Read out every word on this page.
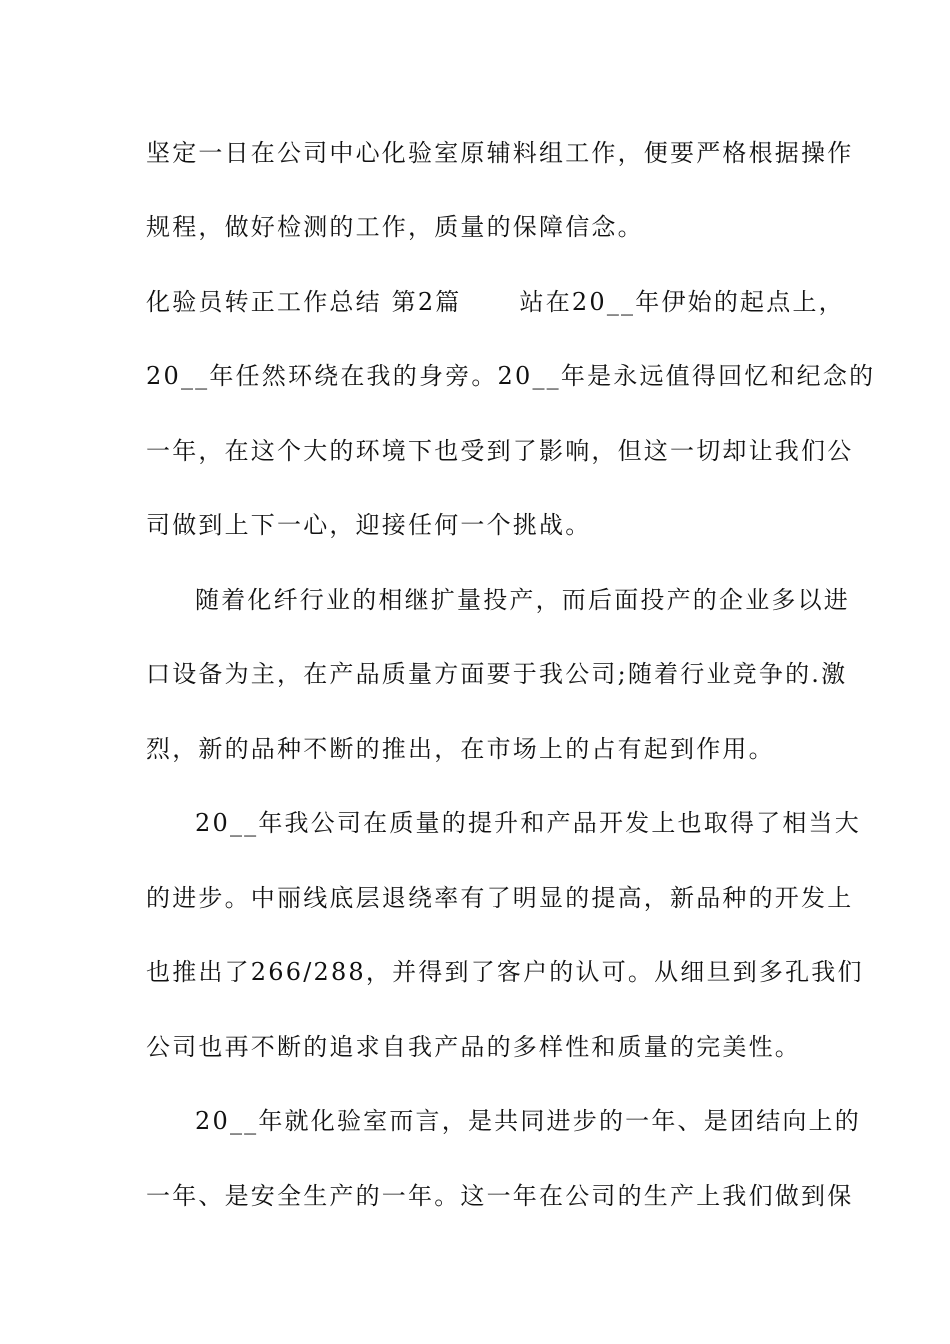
坚定一日在公司中心化验室原辅料组工作，便要严格根据操作
规程，做好检测的工作，质量的保障信念。
化验员转正工作总结 第2篇 站在20__年伊始的起点上，
20__年任然环绕在我的身旁。20__年是永远值得回忆和纪念的
一年，在这个大的环境下也受到了影响，但这一切却让我们公
司做到上下一心，迎接任何一个挑战。
随着化纤行业的相继扩量投产，而后面投产的企业多以进
口设备为主，在产品质量方面要于我公司;随着行业竞争的.激
烈，新的品种不断的推出，在市场上的占有起到作用。
20__年我公司在质量的提升和产品开发上也取得了相当大
的进步。中丽线底层退绕率有了明显的提高，新品种的开发上
也推出了266/288，并得到了客户的认可。从细旦到多孔我们
公司也再不断的追求自我产品的多样性和质量的完美性。
20__年就化验室而言，是共同进步的一年、是团结向上的
一年、是安全生产的一年。这一年在公司的生产上我们做到保
